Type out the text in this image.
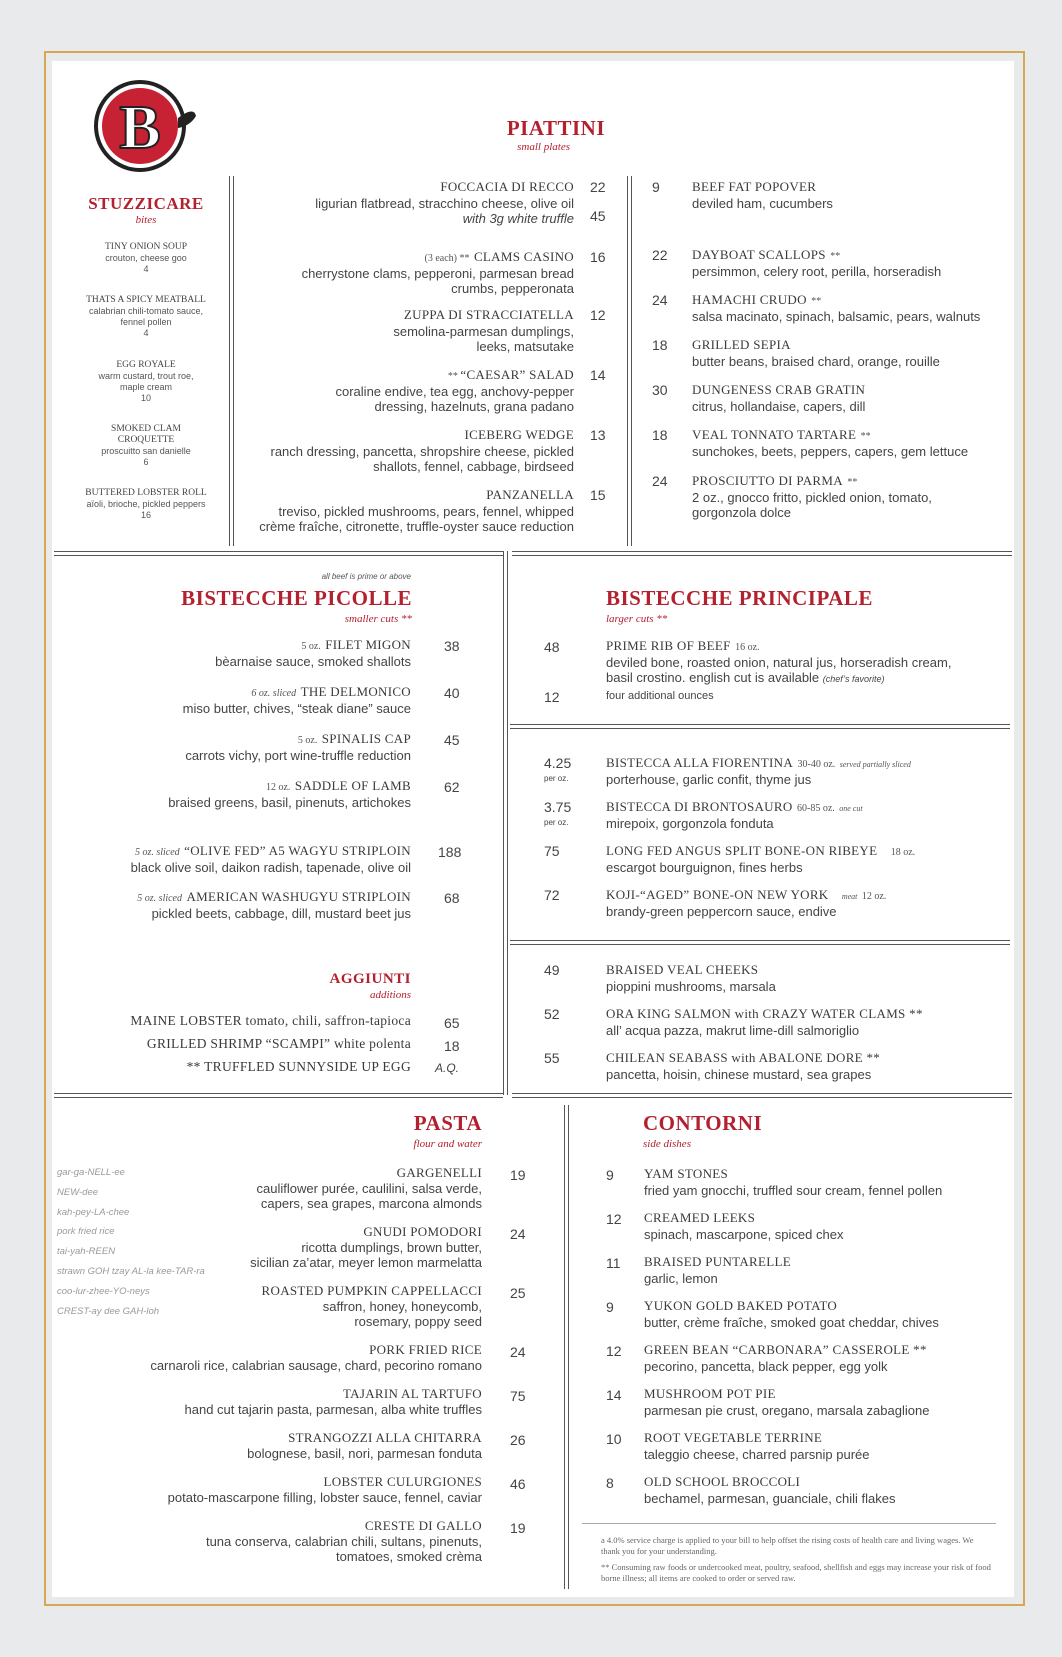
B
STUZZICARE
bites
TINY ONION SOUP
crouton, cheese goo
4
THATS A SPICY MEATBALL
calabrian chili-tomato sauce, fennel pollen
4
EGG ROYALE
warm custard, trout roe, maple cream
10
SMOKED CLAM CROQUETTE
proscuitto san danielle
6
BUTTERED LOBSTER ROLL
aïoli, brioche, pickled peppers
16
PIATTINI
small plates
FOCCACIA DI RECCO
ligurian flatbread, stracchino cheese, olive oil
with 3g white truffle
22
45
(3 each) ** CLAMS CASINO
cherrystone clams, pepperoni, parmesan bread
crumbs, pepperonata
16
ZUPPA DI STRACCIATELLA
semolina-parmesan dumplings,
leeks, matsutake
12
** “CAESAR” SALAD
coraline endive, tea egg, anchovy-pepper
dressing, hazelnuts, grana padano
14
ICEBERG WEDGE
ranch dressing, pancetta, shropshire cheese, pickled
shallots, fennel, cabbage, birdseed
13
PANZANELLA
treviso, pickled mushrooms, pears, fennel, whipped
crème fraîche, citronette, truffle-oyster sauce reduction
15
9 BEEF FAT POPOVER
deviled ham, cucumbers
22 DAYBOAT SCALLOPS **
persimmon, celery root, perilla, horseradish
24 HAMACHI CRUDO **
salsa macinato, spinach, balsamic, pears, walnuts
18 GRILLED SEPIA
butter beans, braised chard, orange, rouille
30 DUNGENESS CRAB GRATIN
citrus, hollandaise, capers, dill
18 VEAL TONNATO TARTARE **
sunchokes, beets, peppers, capers, gem lettuce
24 PROSCIUTTO DI PARMA **
2 oz., gnocco fritto, pickled onion, tomato,
gorgonzola dolce
all beef is prime or above
BISTECCHE PICOLLE
smaller cuts **
5 oz. FILET MIGON
bèarnaise sauce, smoked shallots
38
6 oz. sliced THE DELMONICO
miso butter, chives, “steak diane” sauce
40
5 oz. SPINALIS CAP
carrots vichy, port wine-truffle reduction
45
12 oz. SADDLE OF LAMB
braised greens, basil, pinenuts, artichokes
62
5 oz. sliced “OLIVE FED” A5 WAGYU STRIPLOIN
black olive soil, daikon radish, tapenade, olive oil
188
5 oz. sliced AMERICAN WASHUGYU STRIPLOIN
pickled beets, cabbage, dill, mustard beet jus
68
AGGIUNTI
additions
MAINE LOBSTER tomato, chili, saffron-tapioca 65
GRILLED SHRIMP “SCAMPI” white polenta 18
** TRUFFLED SUNNYSIDE UP EGG A.Q.
BISTECCHE PRINCIPALE
larger cuts **
48	PRIME RIB OF BEEF 16 oz.
deviled bone, roasted onion, natural jus, horseradish cream,
basil crostino. english cut is available (chef’s favorite)
12	four additional ounces
4.25
per oz.
BISTECCA ALLA FIORENTINA 30-40 oz. served partially sliced
porterhouse, garlic confit, thyme jus
3.75
per oz.
BISTECCA DI BRONTOSAURO 60-85 oz. one cut
mirepoix, gorgonzola fonduta
75	LONG FED ANGUS SPLIT BONE-ON RIBEYE 18 oz.
escargot bourguignon, fines herbs
72	KOJI-“AGED” BONE-ON NEW YORK meat 12 oz.
brandy-green peppercorn sauce, endive
49	BRAISED VEAL CHEEKS
pioppini mushrooms, marsala
52	ORA KING SALMON with CRAZY WATER CLAMS **
all’ acqua pazza, makrut lime-dill salmoriglio
55	CHILEAN SEABASS with ABALONE DORE **
pancetta, hoisin, chinese mustard, sea grapes
PASTA
flour and water
gar-ga-NELL-ee
NEW-dee
kah-pey-LA-chee
pork fried rice
tai-yah-REEN
strawn GOH tzay AL-la kee-TAR-ra
coo-lur-zhee-YO-neys
CREST-ay dee GAH-loh
GARGENELLI
cauliflower purée, caulilini, salsa verde,
capers, sea grapes, marcona almonds
19
GNUDI POMODORI
ricotta dumplings, brown butter,
sicilian za’atar, meyer lemon marmelatta
24
ROASTED PUMPKIN CAPPELLACCI
saffron, honey, honeycomb,
rosemary, poppy seed
25
PORK FRIED RICE
carnaroli rice, calabrian sausage, chard, pecorino romano
24
TAJARIN AL TARTUFO
hand cut tajarin pasta, parmesan, alba white truffles
75
STRANGOZZI ALLA CHITARRA
bolognese, basil, nori, parmesan fonduta
26
LOBSTER CULURGIONES
potato-mascarpone filling, lobster sauce, fennel, caviar
46
CRESTE DI GALLO
tuna conserva, calabrian chili, sultans, pinenuts,
tomatoes, smoked crèma
19
CONTORNI
side dishes
9 YAM STONES
fried yam gnocchi, truffled sour cream, fennel pollen
12 CREAMED LEEKS
spinach, mascarpone, spiced chex
11 BRAISED PUNTARELLE
garlic, lemon
9 YUKON GOLD BAKED POTATO
butter, crème fraîche, smoked goat cheddar, chives
12 GREEN BEAN “CARBONARA” CASSEROLE **
pecorino, pancetta, black pepper, egg yolk
14 MUSHROOM POT PIE
parmesan pie crust, oregano, marsala zabaglione
10 ROOT VEGETABLE TERRINE
taleggio cheese, charred parsnip purée
8 OLD SCHOOL BROCCOLI
bechamel, parmesan, guanciale, chili flakes
a 4.0% service charge is applied to your bill to help offset the rising costs of health care and living wages. We thank you for your understanding.
** Consuming raw foods or undercooked meat, poultry, seafood, shellfish and eggs may increase your risk of food borne illness; all items are cooked to order or served raw.
